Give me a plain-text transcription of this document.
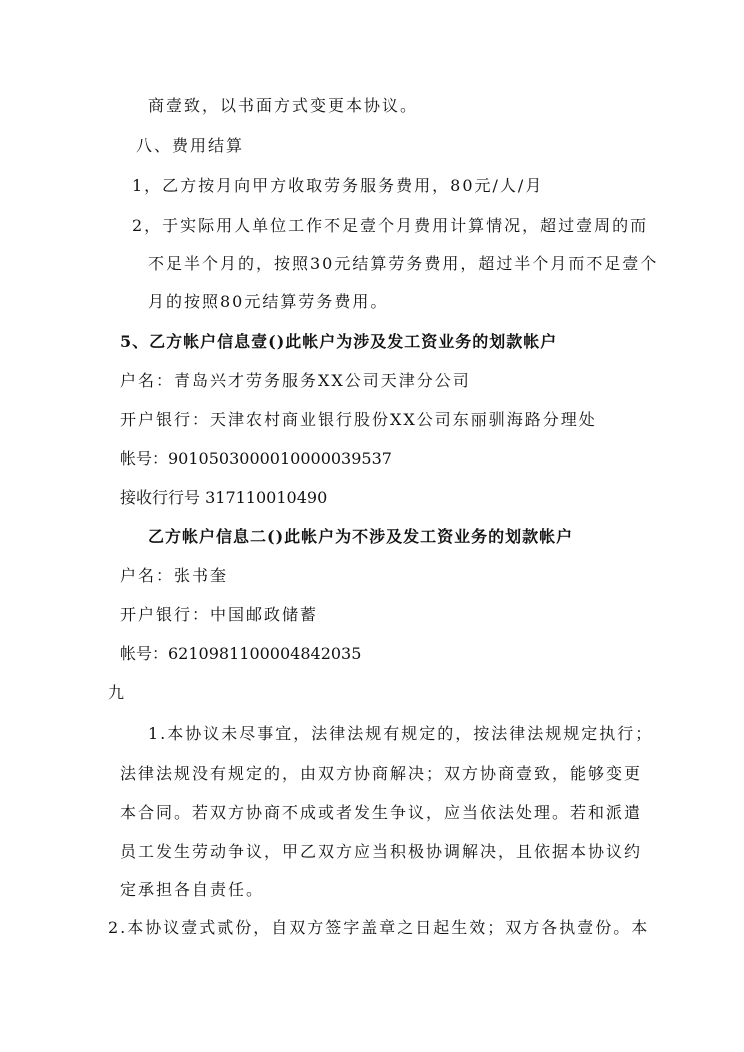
商壹致，以书面方式变更本协议。
八、费用结算
1，乙方按月向甲方收取劳务服务费用，80元/人/月
2，于实际用人单位工作不足壹个月费用计算情况，超过壹周的而
不足半个月的，按照30元结算劳务费用，超过半个月而不足壹个
月的按照80元结算劳务费用。
5、乙方帐户信息壹()此帐户为涉及发工资业务的划款帐户
户名：青岛兴才劳务服务XX公司天津分公司
开户银行：天津农村商业银行股份XX公司东丽驯海路分理处
帐号：9010503000010000039537
接收行行号 317110010490
乙方帐户信息二()此帐户为不涉及发工资业务的划款帐户
户名：张书奎
开户银行：中国邮政储蓄
帐号：6210981100004842035
九
1.本协议未尽事宜，法律法规有规定的，按法律法规规定执行；
法律法规没有规定的，由双方协商解决；双方协商壹致，能够变更
本合同。若双方协商不成或者发生争议，应当依法处理。若和派遣
员工发生劳动争议，甲乙双方应当积极协调解决，且依据本协议约
定承担各自责任。
2.本协议壹式贰份，自双方签字盖章之日起生效；双方各执壹份。本
